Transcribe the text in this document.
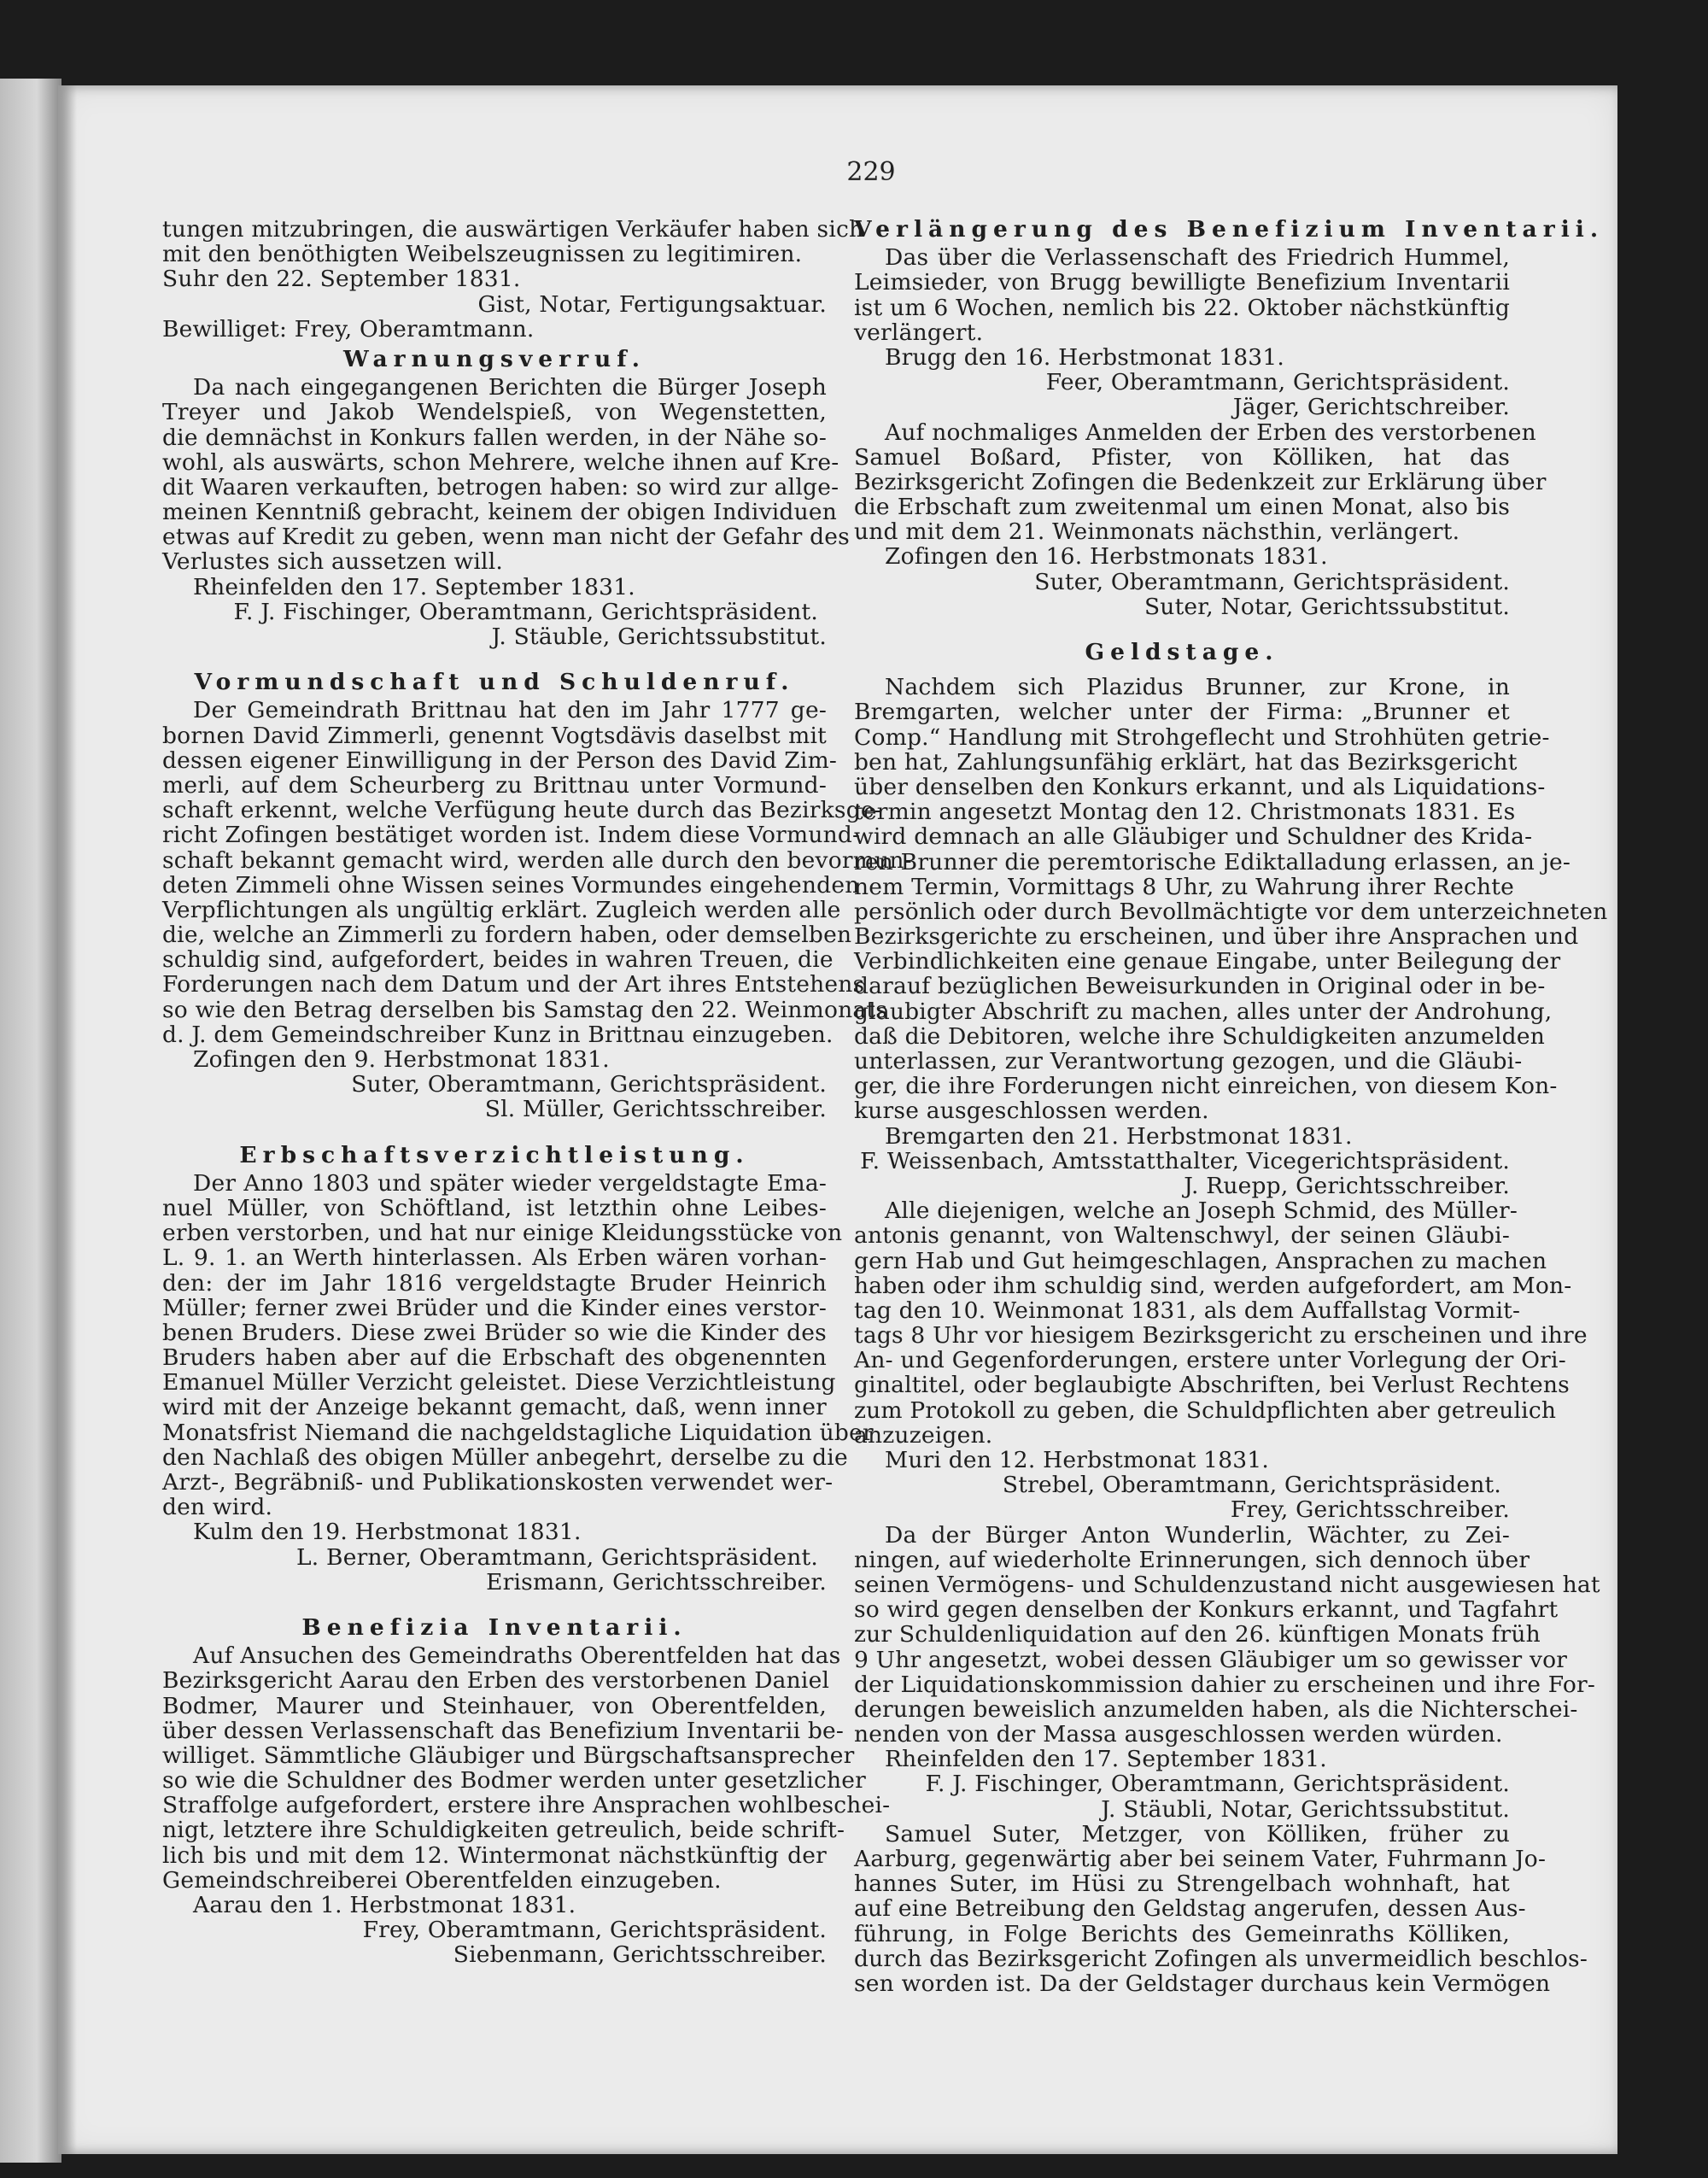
229
tungen mitzubringen, die auswärtigen Verkäufer haben sich
mit den benöthigten Weibelszeugnissen zu legitimiren.
Suhr den 22. September 1831.
Gist, Notar, Fertigungsaktuar.
Bewilliget: Frey, Oberamtmann.
Warnungsverruf.
Da nach eingegangenen Berichten die Bürger Joseph
Treyer und Jakob Wendelspieß, von Wegenstetten,
die demnächst in Konkurs fallen werden, in der Nähe so-
wohl, als auswärts, schon Mehrere, welche ihnen auf Kre-
dit Waaren verkauften, betrogen haben: so wird zur allge-
meinen Kenntniß gebracht, keinem der obigen Individuen
etwas auf Kredit zu geben, wenn man nicht der Gefahr des
Verlustes sich aussetzen will.
Rheinfelden den 17. September 1831.
F. J. Fischinger, Oberamtmann, Gerichtspräsident.
J. Stäuble, Gerichtssubstitut.
Vormundschaft und Schuldenruf.
Der Gemeindrath Brittnau hat den im Jahr 1777 ge-
bornen David Zimmerli, genennt Vogtsdävis daselbst mit
dessen eigener Einwilligung in der Person des David Zim-
merli, auf dem Scheurberg zu Brittnau unter Vormund-
schaft erkennt, welche Verfügung heute durch das Bezirksge-
richt Zofingen bestätiget worden ist. Indem diese Vormund-
schaft bekannt gemacht wird, werden alle durch den bevormun-
deten Zimmeli ohne Wissen seines Vormundes eingehenden
Verpflichtungen als ungültig erklärt. Zugleich werden alle
die, welche an Zimmerli zu fordern haben, oder demselben
schuldig sind, aufgefordert, beides in wahren Treuen, die
Forderungen nach dem Datum und der Art ihres Entstehens
so wie den Betrag derselben bis Samstag den 22. Weinmonats
d. J. dem Gemeindschreiber Kunz in Brittnau einzugeben.
Zofingen den 9. Herbstmonat 1831.
Suter, Oberamtmann, Gerichtspräsident.
Sl. Müller, Gerichtsschreiber.
Erbschaftsverzichtleistung.
Der Anno 1803 und später wieder vergeldstagte Ema-
nuel Müller, von Schöftland, ist letzthin ohne Leibes-
erben verstorben, und hat nur einige Kleidungsstücke von
L. 9. 1. an Werth hinterlassen. Als Erben wären vorhan-
den: der im Jahr 1816 vergeldstagte Bruder Heinrich
Müller; ferner zwei Brüder und die Kinder eines verstor-
benen Bruders. Diese zwei Brüder so wie die Kinder des
Bruders haben aber auf die Erbschaft des obgenennten
Emanuel Müller Verzicht geleistet. Diese Verzichtleistung
wird mit der Anzeige bekannt gemacht, daß, wenn inner
Monatsfrist Niemand die nachgeldstagliche Liquidation über
den Nachlaß des obigen Müller anbegehrt, derselbe zu die
Arzt-, Begräbniß- und Publikationskosten verwendet wer-
den wird.
Kulm den 19. Herbstmonat 1831.
L. Berner, Oberamtmann, Gerichtspräsident.
Erismann, Gerichtsschreiber.
Benefizia Inventarii.
Auf Ansuchen des Gemeindraths Oberentfelden hat das
Bezirksgericht Aarau den Erben des verstorbenen Daniel
Bodmer, Maurer und Steinhauer, von Oberentfelden,
über dessen Verlassenschaft das Benefizium Inventarii be-
williget. Sämmtliche Gläubiger und Bürgschaftsansprecher
so wie die Schuldner des Bodmer werden unter gesetzlicher
Straffolge aufgefordert, erstere ihre Ansprachen wohlbeschei-
nigt, letztere ihre Schuldigkeiten getreulich, beide schrift-
lich bis und mit dem 12. Wintermonat nächstkünftig der
Gemeindschreiberei Oberentfelden einzugeben.
Aarau den 1. Herbstmonat 1831.
Frey, Oberamtmann, Gerichtspräsident.
Siebenmann, Gerichtsschreiber.
Verlängerung des Benefizium Inventarii.
Das über die Verlassenschaft des Friedrich Hummel,
Leimsieder, von Brugg bewilligte Benefizium Inventarii
ist um 6 Wochen, nemlich bis 22. Oktober nächstkünftig
verlängert.
Brugg den 16. Herbstmonat 1831.
Feer, Oberamtmann, Gerichtspräsident.
Jäger, Gerichtschreiber.
Auf nochmaliges Anmelden der Erben des verstorbenen
Samuel Boßard, Pfister, von Kölliken, hat das
Bezirksgericht Zofingen die Bedenkzeit zur Erklärung über
die Erbschaft zum zweitenmal um einen Monat, also bis
und mit dem 21. Weinmonats nächsthin, verlängert.
Zofingen den 16. Herbstmonats 1831.
Suter, Oberamtmann, Gerichtspräsident.
Suter, Notar, Gerichtssubstitut.
Geldstage.
Nachdem sich Plazidus Brunner, zur Krone, in
Bremgarten, welcher unter der Firma: „Brunner et
Comp.“ Handlung mit Strohgeflecht und Strohhüten getrie-
ben hat, Zahlungsunfähig erklärt, hat das Bezirksgericht
über denselben den Konkurs erkannt, und als Liquidations-
termin angesetzt Montag den 12. Christmonats 1831. Es
wird demnach an alle Gläubiger und Schuldner des Krida-
ren Brunner die peremtorische Ediktalladung erlassen, an je-
nem Termin, Vormittags 8 Uhr, zu Wahrung ihrer Rechte
persönlich oder durch Bevollmächtigte vor dem unterzeichneten
Bezirksgerichte zu erscheinen, und über ihre Ansprachen und
Verbindlichkeiten eine genaue Eingabe, unter Beilegung der
darauf bezüglichen Beweisurkunden in Original oder in be-
glaubigter Abschrift zu machen, alles unter der Androhung,
daß die Debitoren, welche ihre Schuldigkeiten anzumelden
unterlassen, zur Verantwortung gezogen, und die Gläubi-
ger, die ihre Forderungen nicht einreichen, von diesem Kon-
kurse ausgeschlossen werden.
Bremgarten den 21. Herbstmonat 1831.
F. Weissenbach, Amtsstatthalter, Vicegerichtspräsident.
J. Ruepp, Gerichtsschreiber.
Alle diejenigen, welche an Joseph Schmid, des Müller-
antonis genannt, von Waltenschwyl, der seinen Gläubi-
gern Hab und Gut heimgeschlagen, Ansprachen zu machen
haben oder ihm schuldig sind, werden aufgefordert, am Mon-
tag den 10. Weinmonat 1831, als dem Auffallstag Vormit-
tags 8 Uhr vor hiesigem Bezirksgericht zu erscheinen und ihre
An- und Gegenforderungen, erstere unter Vorlegung der Ori-
ginaltitel, oder beglaubigte Abschriften, bei Verlust Rechtens
zum Protokoll zu geben, die Schuldpflichten aber getreulich
anzuzeigen.
Muri den 12. Herbstmonat 1831.
Strebel, Oberamtmann, Gerichtspräsident.
Frey, Gerichtsschreiber.
Da der Bürger Anton Wunderlin, Wächter, zu Zei-
ningen, auf wiederholte Erinnerungen, sich dennoch über
seinen Vermögens- und Schuldenzustand nicht ausgewiesen hat
so wird gegen denselben der Konkurs erkannt, und Tagfahrt
zur Schuldenliquidation auf den 26. künftigen Monats früh
9 Uhr angesetzt, wobei dessen Gläubiger um so gewisser vor
der Liquidationskommission dahier zu erscheinen und ihre For-
derungen beweislich anzumelden haben, als die Nichterschei-
nenden von der Massa ausgeschlossen werden würden.
Rheinfelden den 17. September 1831.
F. J. Fischinger, Oberamtmann, Gerichtspräsident.
J. Stäubli, Notar, Gerichtssubstitut.
Samuel Suter, Metzger, von Kölliken, früher zu
Aarburg, gegenwärtig aber bei seinem Vater, Fuhrmann Jo-
hannes Suter, im Hüsi zu Strengelbach wohnhaft, hat
auf eine Betreibung den Geldstag angerufen, dessen Aus-
führung, in Folge Berichts des Gemeinraths Kölliken,
durch das Bezirksgericht Zofingen als unvermeidlich beschlos-
sen worden ist. Da der Geldstager durchaus kein Vermögen
